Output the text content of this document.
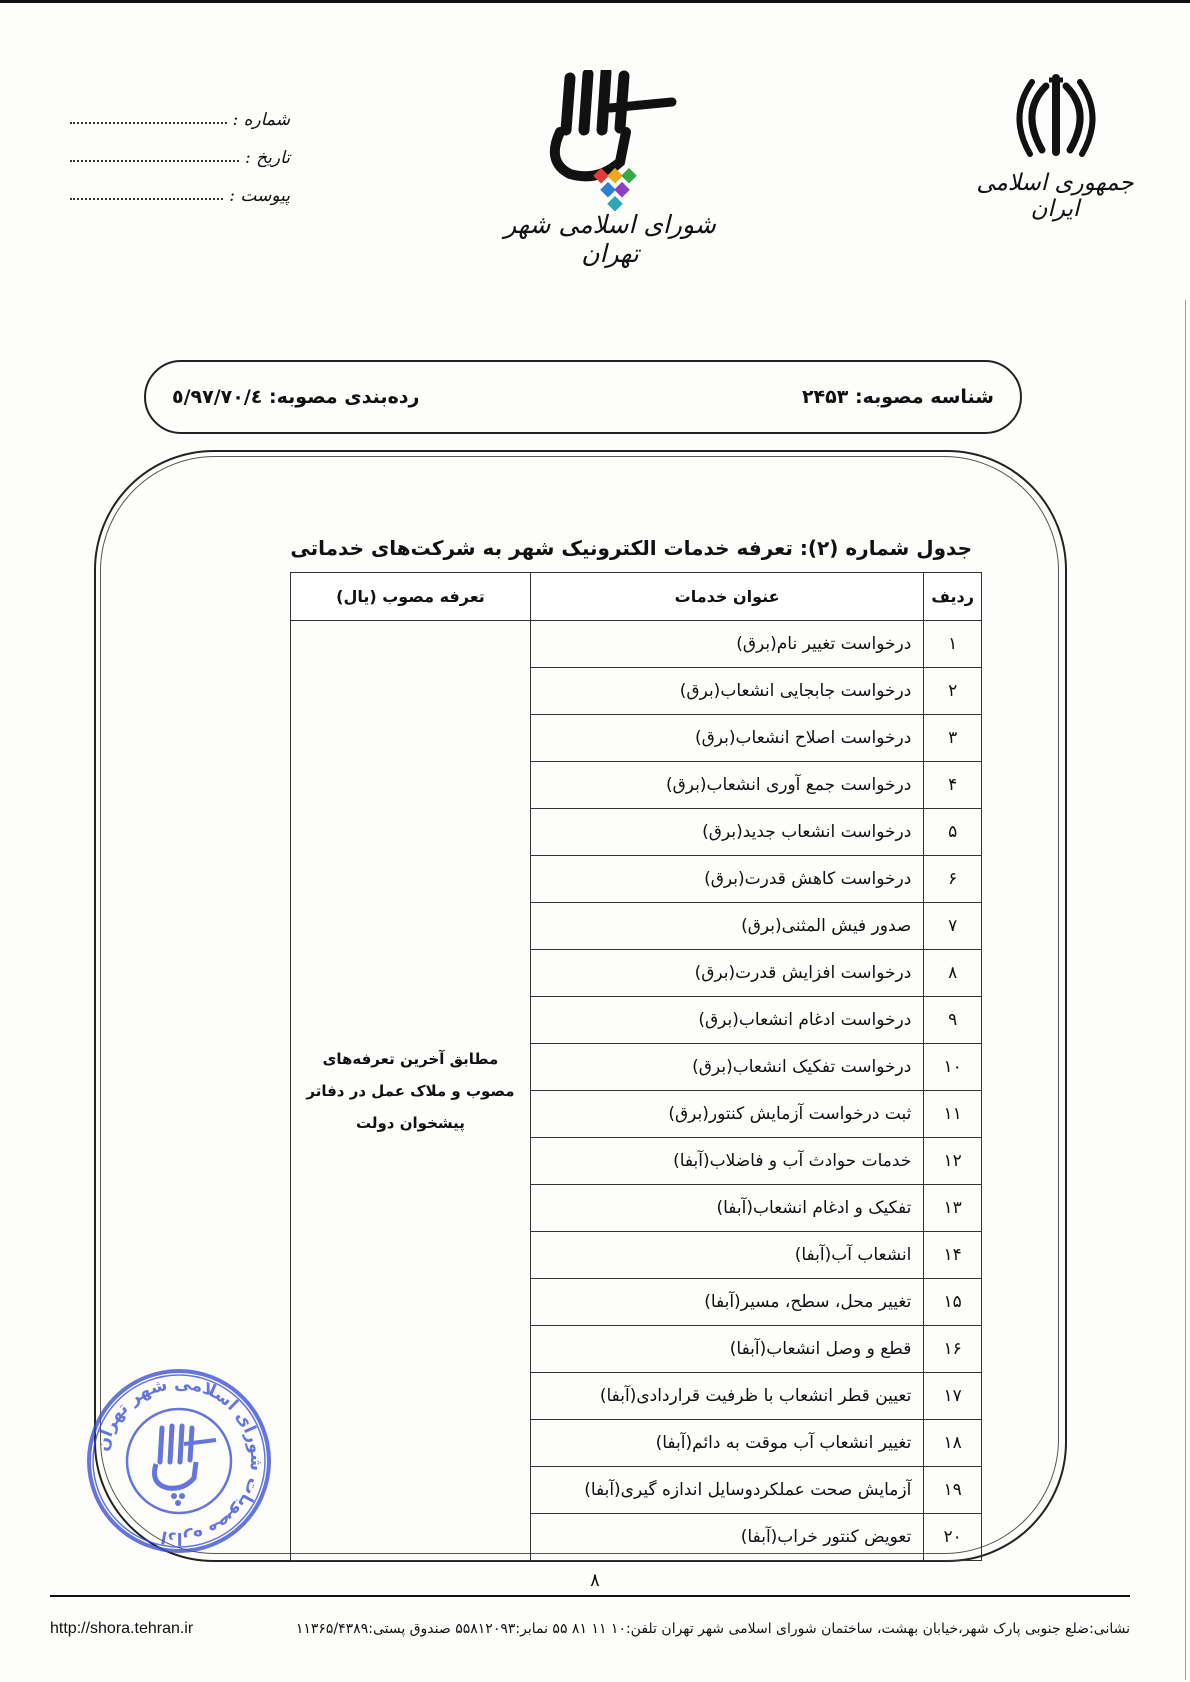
شماره :
تاریخ :
پیوست :
شورای اسلامی شهر تهران
جمهوری اسلامی ایران
شناسه مصوبه: ۲۴۵۳
رده‌بندی مصوبه: ٥/٩٧/٧٠/٤
جدول شماره (۲): تعرفه خدمات الکترونیک شهر به شرکت‌های خدماتی
ردیف	عنوان خدمات	تعرفه مصوب (یال)
۱	درخواست تغییر نام(برق)	مطابق آخرین تعرفه‌های مصوب و ملاک عمل در دفاتر پیشخوان دولت
۲	درخواست جابجایی انشعاب(برق)	
۳	درخواست اصلاح انشعاب(برق)	
۴	درخواست جمع آوری انشعاب(برق)	
۵	درخواست انشعاب جدید(برق)	
۶	درخواست کاهش قدرت(برق)	
۷	صدور فیش المثنی(برق)	
۸	درخواست افزایش قدرت(برق)	
۹	درخواست ادغام انشعاب(برق)	
۱۰	درخواست تفکیک انشعاب(برق)	
۱۱	ثبت درخواست آزمایش کنتور(برق)	
۱۲	خدمات حوادث آب و فاضلاب(آبفا)	
۱۳	تفکیک و ادغام انشعاب(آبفا)	
۱۴	انشعاب آب(آبفا)	
۱۵	تغییر محل، سطح، مسیر(آبفا)	
۱۶	قطع و وصل انشعاب(آبفا)	
۱۷	تعیین قطر انشعاب با ظرفیت قراردادی(آبفا)	
۱۸	تغییر انشعاب آب موقت به دائم(آبفا)	
۱۹	آزمایش صحت عملکردوسایل اندازه گیری(آبفا)	
۲۰	تعویض کنتور خراب(آبفا)	
اداره مصوبات شورای اسلامی شهر تهران
۸
http://shora.tehran.ir	نشانی:ضلع جنوبی پارک شهر،خیابان بهشت، ساختمان شورای اسلامی شهر تهران تلفن:۱۰ ۱۱ ۸۱ ۵۵ نمابر:۵۵۸۱۲۰۹۳ صندوق پستی:۱۱۳۶۵/۴۳۸۹
